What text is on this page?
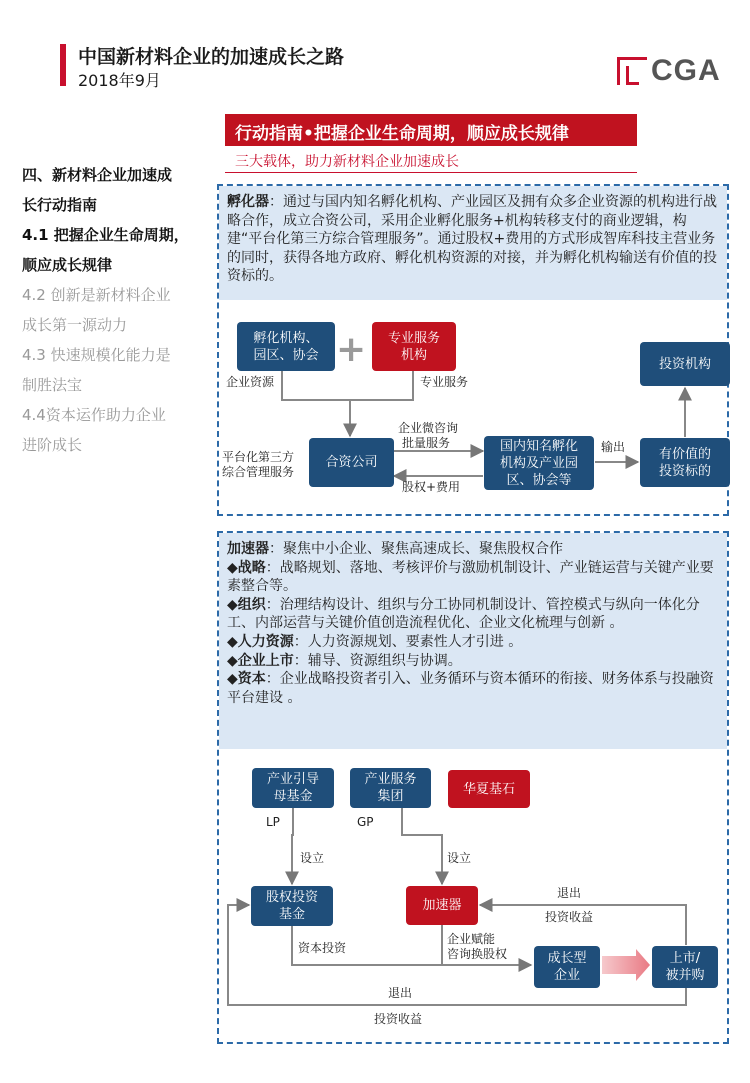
中国新材料企业的加速成长之路
2018年9月	CGA
行动指南•把握企业生命周期，顺应成长规律
三大载体，助力新材料企业加速成长
四、新材料企业加速成
长行动指南
4.1 把握企业生命周期，
顺应成长规律
4.2 创新是新材料企业
成长第一源动力
4.3 快速规模化能力是
制胜法宝
4.4资本运作助力企业
进阶成长
孵化器：通过与国内知名孵化机构、产业园区及拥有众多企业资源的机构进行战略合作，成立合资公司，采用企业孵化服务+机构转移支付的商业逻辑，构建“平台化第三方综合管理服务”。通过股权+费用的方式形成智库科技主营业务的同时，获得各地方政府、孵化机构资源的对接，并为孵化机构输送有价值的投资标的。
孵化机构、
园区、协会 +	专业服务
机构
合资公司
国内知名孵化
机构及产业园
区、协会等
有价值的
投资标的
投资机构
企业资源	专业服务
平台化第三方
综合管理服务
企业微咨询
批量服务
股权+费用
输出
加速器：聚焦中小企业、聚焦高速成长、聚焦股权合作
◆战略：战略规划、落地、考核评价与激励机制设计、产业链运营与关键产业要素整合等。
◆组织：治理结构设计、组织与分工协同机制设计、管控模式与纵向一体化分工、内部运营与关键价值创造流程优化、企业文化梳理与创新 。
◆人力资源：人力资源规划、要素性人才引进 。
◆企业上市：辅导、资源组织与协调。
◆资本：企业战略投资者引入、业务循环与资本循环的衔接、财务体系与投融资平台建设 。
产业引导
母基金
产业服务
集团	华夏基石
股权投资
基金
加速器
成长型
企业
上市/
被并购
LP	GP
设立	设立
资本投资
企业赋能
咨询换股权
退出
投资收益
退出
投资收益
